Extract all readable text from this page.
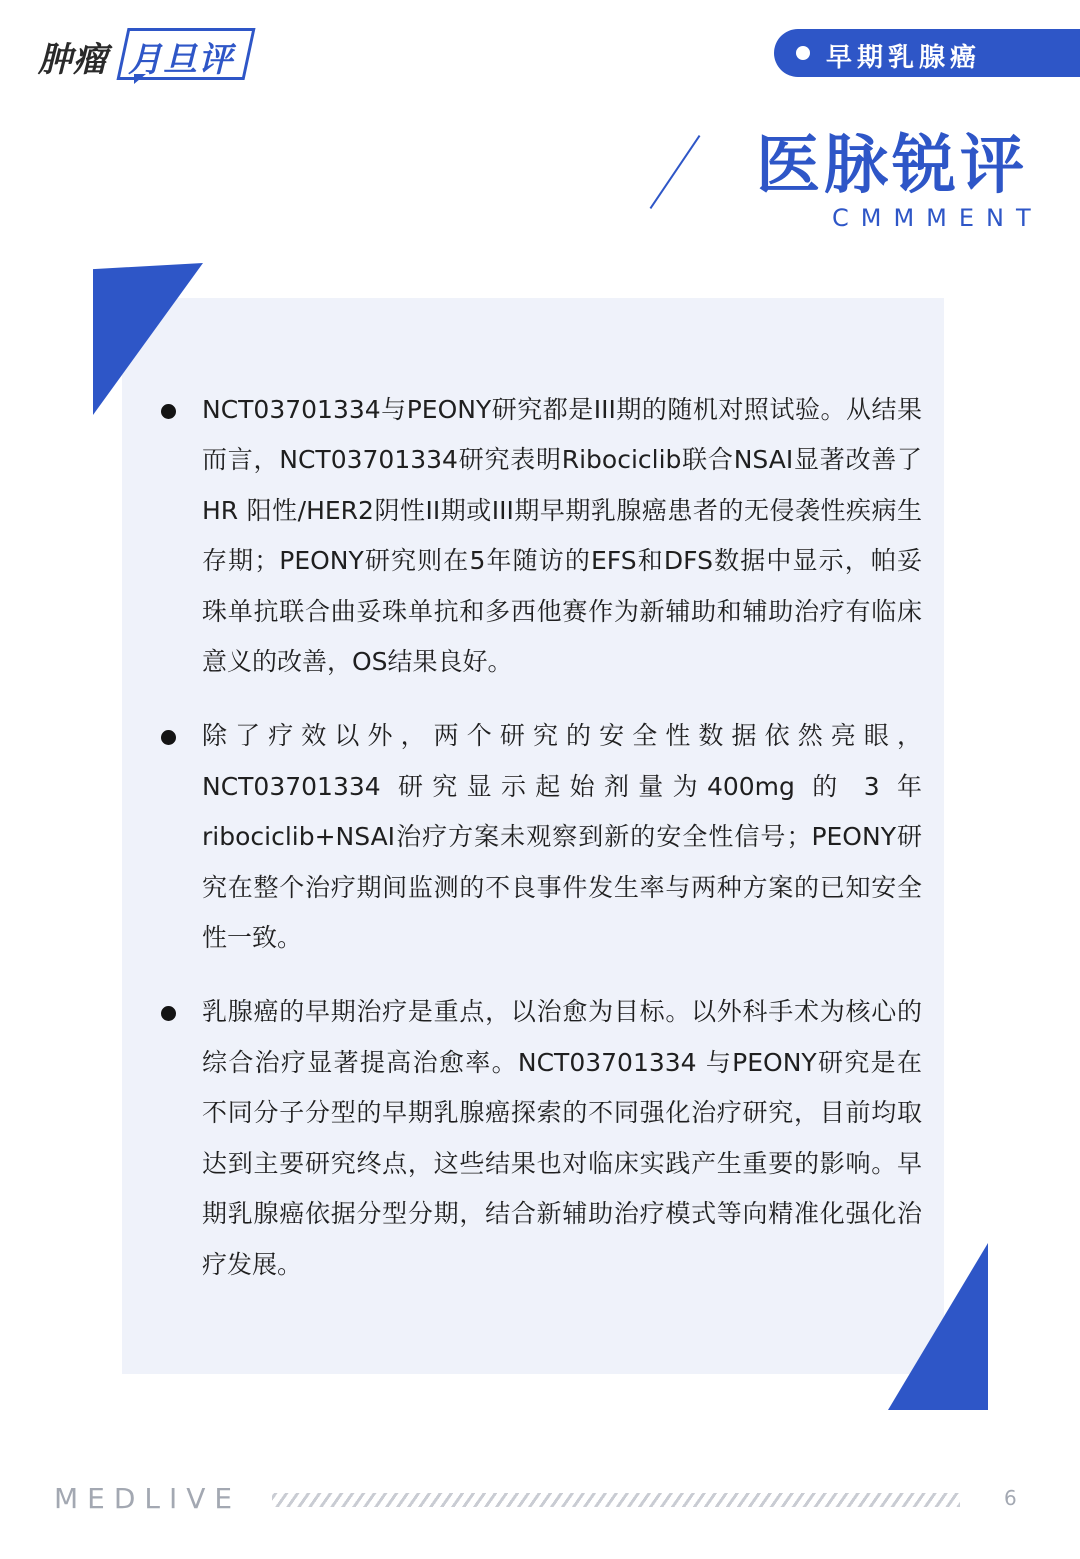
肿瘤 月旦评	早期乳腺癌
医脉锐评
CMMMENT
NCT03701334与PEONY研究都是III期的随机对照试验。从结果而言，NCT03701334研究表明Ribociclib联合NSAI显著改善了HR 阳性/HER2阴性II期或III期早期乳腺癌患者的无侵袭性疾病生存期；PEONY研究则在5年随访的EFS和DFS数据中显示，帕妥珠单抗联合曲妥珠单抗和多西他赛作为新辅助和辅助治疗有临床意义的改善，OS结果良好。
除了疗效以外，两个研究的安全性数据依然亮眼，NCT03701334 研究显示起始剂量为400mg 的 3 年ribociclib+NSAI治疗方案未观察到新的安全性信号；PEONY研究在整个治疗期间监测的不良事件发生率与两种方案的已知安全性一致。
乳腺癌的早期治疗是重点，以治愈为目标。以外科手术为核心的综合治疗显著提高治愈率。NCT03701334 与PEONY研究是在不同分子分型的早期乳腺癌探索的不同强化治疗研究，目前均取达到主要研究终点，这些结果也对临床实践产生重要的影响。早期乳腺癌依据分型分期，结合新辅助治疗模式等向精准化强化治疗发展。
MEDLIVE	6
